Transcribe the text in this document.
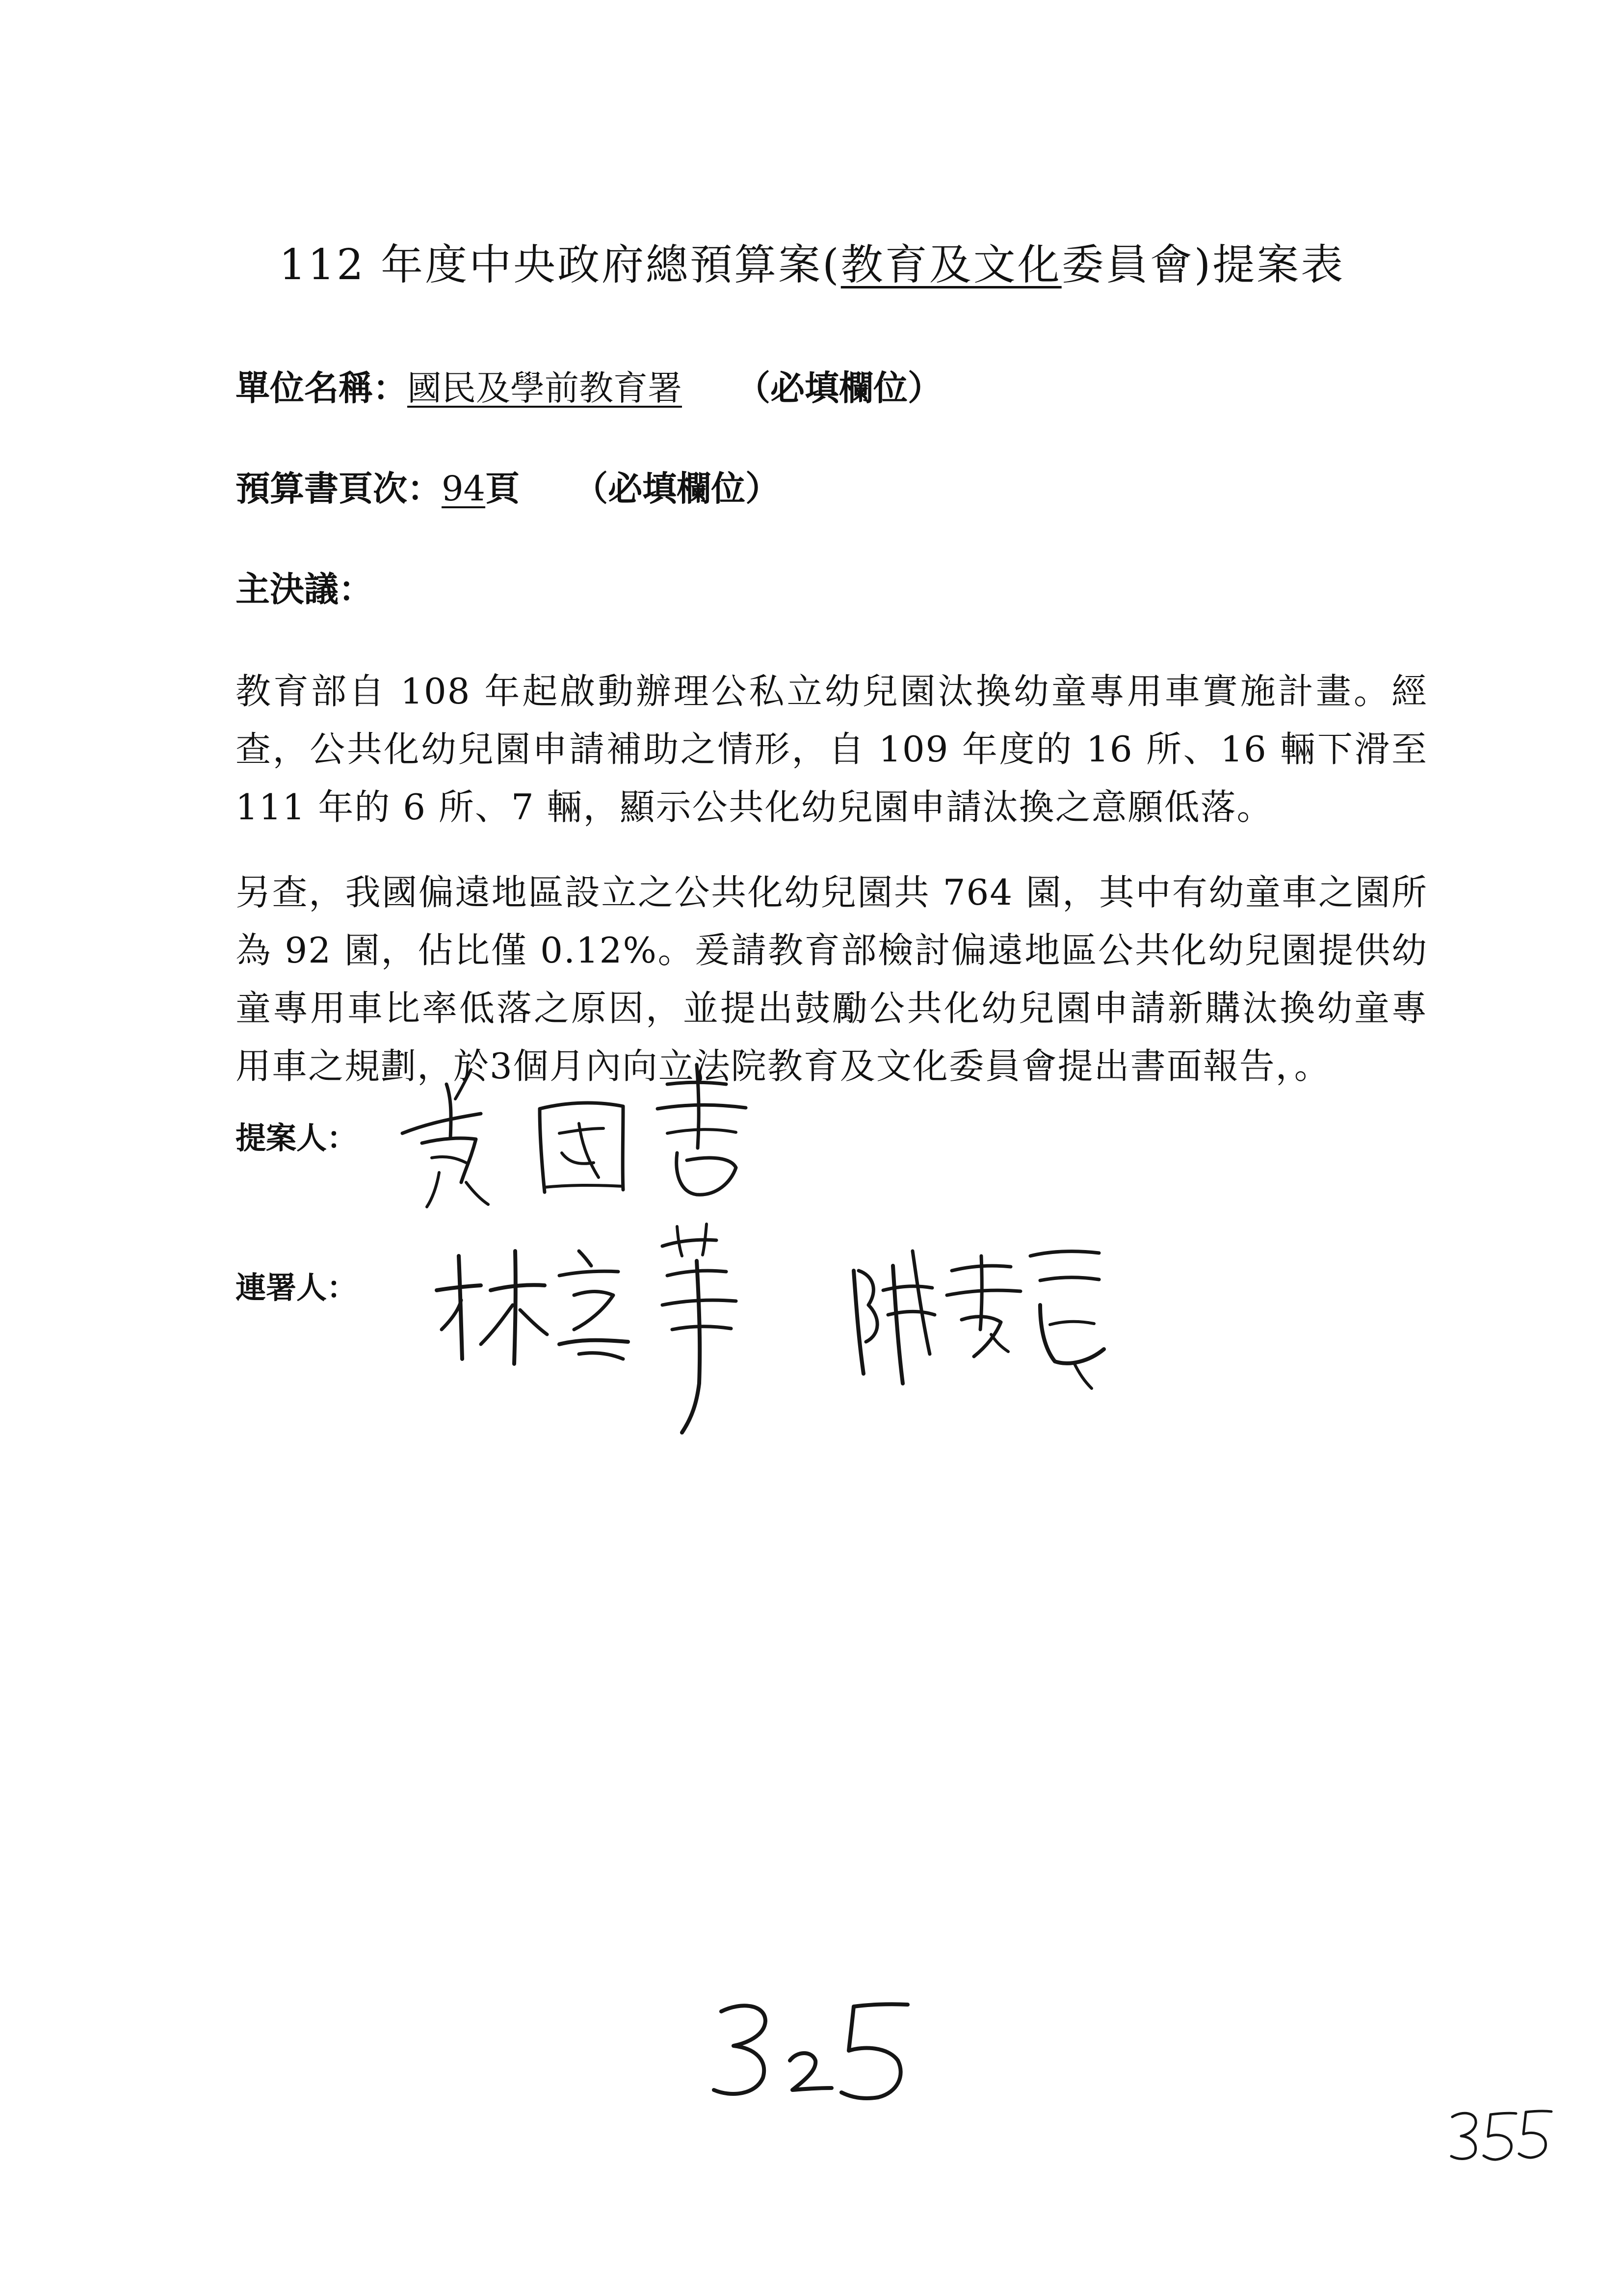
112 年度中央政府總預算案(教育及文化委員會)提案表
單位名稱： 國民及學前教育署 （必填欄位）
預算書頁次： 94 頁 （必填欄位）
主決議：
教育部自 108 年起啟動辦理公私立幼兒園汰換幼童專用車實施計畫。經查，公共化幼兒園申請補助之情形，自 109 年度的 16 所、16 輛下滑至 111 年的 6 所、7 輛，顯示公共化幼兒園申請汰換之意願低落。
另查，我國偏遠地區設立之公共化幼兒園共 764 園，其中有幼童車之園所為 92 園，佔比僅 0.12%。爰請教育部檢討偏遠地區公共化幼兒園提供幼童專用車比率低落之原因，並提出鼓勵公共化幼兒園申請新購汰換幼童專用車之規劃，於3個月內向立法院教育及文化委員會提出書面報告，。
提案人：
連署人：
